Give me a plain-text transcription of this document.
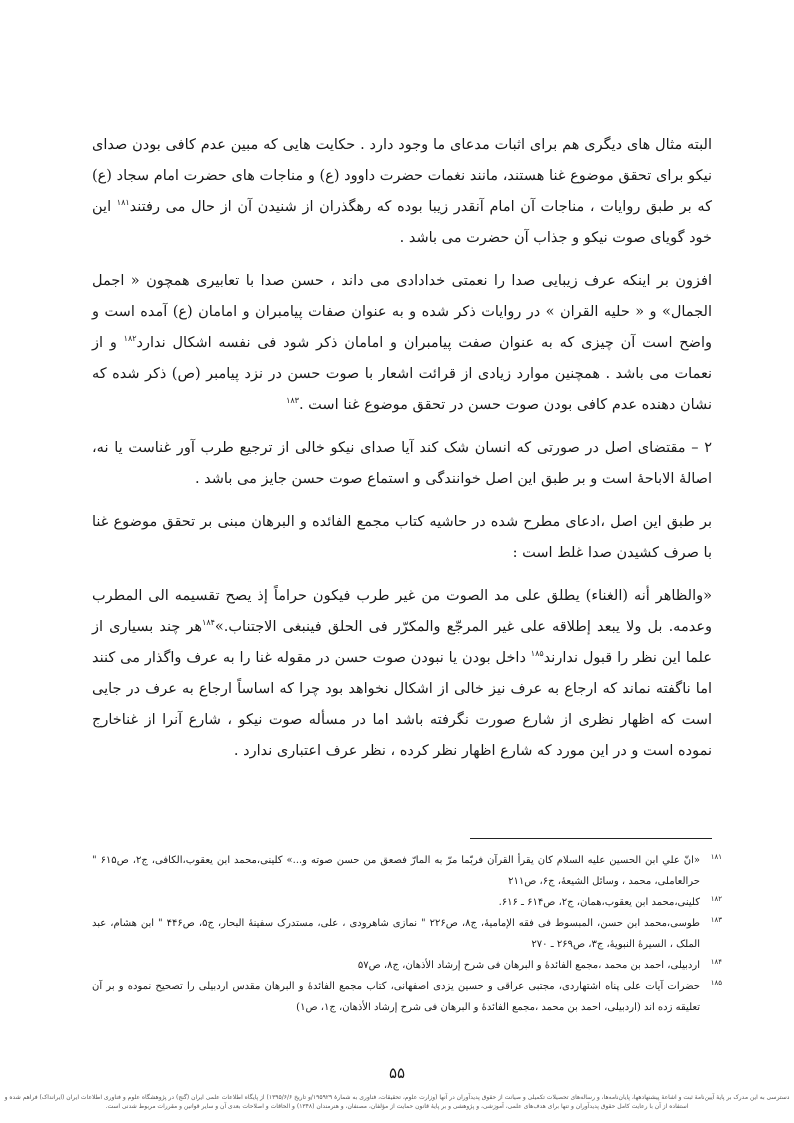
البته مثال های دیگری هم برای اثبات مدعای ما وجود دارد . حکایت هایی که مبین عدم کافی بودن صدای نیکو برای تحقق موضوع غنا هستند، مانند نغمات حضرت داوود (ع) و مناجات های حضرت امام سجاد (ع) که بر طبق روایات ، مناجات آن امام آنقدر زیبا بوده که رهگذران از شنیدن آن از حال می رفتند$^{۱۸۱}$ این خود گویای صوت نیکو و جذاب آن حضرت می باشد .

افزون بر اینکه عرف زیبایی صدا را نعمتی خدادادی می داند ، حسن صدا با تعابیری همچون « اجمل الجمال» و « حلیه القران » در روایات ذکر شده و به عنوان صفات پیامبران و امامان (ع) آمده است و واضح است آن چیزی که به عنوان صفت پیامبران و امامان ذکر شود فی نفسه اشکال ندارد$^{۱۸۲}$ و از نعمات می باشد . همچنین موارد زیادی از قرائت اشعار با صوت حسن در نزد پیامبر (ص) ذکر شده که نشان دهنده عدم کافی بودن صوت حسن در تحقق موضوع غنا است .$^{۱۸۳}$

۲ – مقتضای اصل در صورتی که انسان شک کند آیا صدای نیکو خالی از ترجیع طرب آور غناست یا نه، اصالهٔ الاباحهٔ است و بر طبق این اصل خوانندگی و استماع صوت حسن جایز می باشد .

بر طبق این اصل ،ادعای مطرح شده در حاشیه کتاب مجمع الفائده و البرهان مبنی بر تحقق موضوع غنا با صرف کشیدن صدا غلط است :

«والظاهر أنه (الغناء) يطلق على مد الصوت من غير طرب فيكون حراماً إذ يصح تقسيمه الى المطرب وعدمه. بل ولا يبعد إطلاقه على غير المرجّع والمكرّر فى الحلق فينبغى الاجتناب.»$^{۱۸۴}$هر چند بسیاری از علما این نظر را قبول ندارند$^{۱۸۵}$ داخل بودن یا نبودن صوت حسن در مقوله غنا را به عرف واگذار می کنند اما ناگفته نماند که ارجاع به عرف نیز خالی از اشکال نخواهد بود چرا که اساساً ارجاع به عرف در جایی است که اظهار نظری از شارع صورت نگرفته باشد اما در مسأله صوت نیکو ، شارع آنرا از غناخارج نموده است و در این مورد که شارع اظهار نظر کرده ، نظر عرف اعتباری ندارد .

۱۸۱
«انّ علي ابن الحسين عليه السلام كان يقرأ القرآن فربّما مرّ به المارّ فصعق من حسن صوته و...» کلینی،محمد ابن یعقوب،الکافی، ج۲، ص۶۱۵ " حرالعاملی، محمد ، وسائل الشیعهٔ، ج۶، ص۲۱۱

۱۸۲
کلینی،محمد ابن یعقوب،همان، ج۲، ص۶۱۴ ـ ۶۱۶.

۱۸۳
طوسی،محمد ابن حسن، المبسوط فی فقه الإمامیهٔ، ج۸، ص۲۲۶ " نمازی شاهرودی ، علی، مستدرک سفینهٔ البحار، ج۵، ص۴۴۶ " ابن هشام، عبد الملک ، السیرهٔ النبویهٔ، ج۳، ص۲۶۹ ـ ۲۷۰

۱۸۴
اردبیلی، احمد بن محمد ،مجمع الفائدهٔ و البرهان فی شرح إرشاد الأذهان، ج۸، ص۵۷

۱۸۵
حضرات آیات علی پناه اشتهاردی، مجتبی عراقی و حسین یزدی اصفهانی، کتاب مجمع الفائدهٔ و البرهان مقدس اردبیلی را تصحیح نموده و بر آن تعلیقه زده اند (اردبیلی، احمد بن محمد ،مجمع الفائدهٔ و البرهان فی شرح إرشاد الأذهان، ج۱، ص۱)

۵۵
دسترسی به این مدرک بر پایهٔ آیین‌نامهٔ ثبت و اشاعهٔ پیشنهادهها، پایان‌نامه‌ها، و رساله‌های تحصیلات تکمیلی و صیانت از حقوق پدیدآوران در آنها (وزارت علوم، تحقیقات، فناوری به شمارهٔ ۱۹۵۹۲۹/و تاریخ ۱۳۹۵/۶/۶) از پایگاه اطلاعات علمی ایران (گنج) در پژوهشگاه علوم و فناوری اطلاعات ایران (ایرانداک) فراهم شده و استفاده از آن با رعایت کامل حقوق پدیدآوران و تنها برای هدف‌های علمی، آموزشی، و پژوهشی و بر پایهٔ قانون حمایت از مؤلفان، مصنفان، و هنرمندان (۱۳۴۸) و الحاقات و اصلاحات بعدی آن و سایر قوانین و مقررات مربوط شدنی است.
